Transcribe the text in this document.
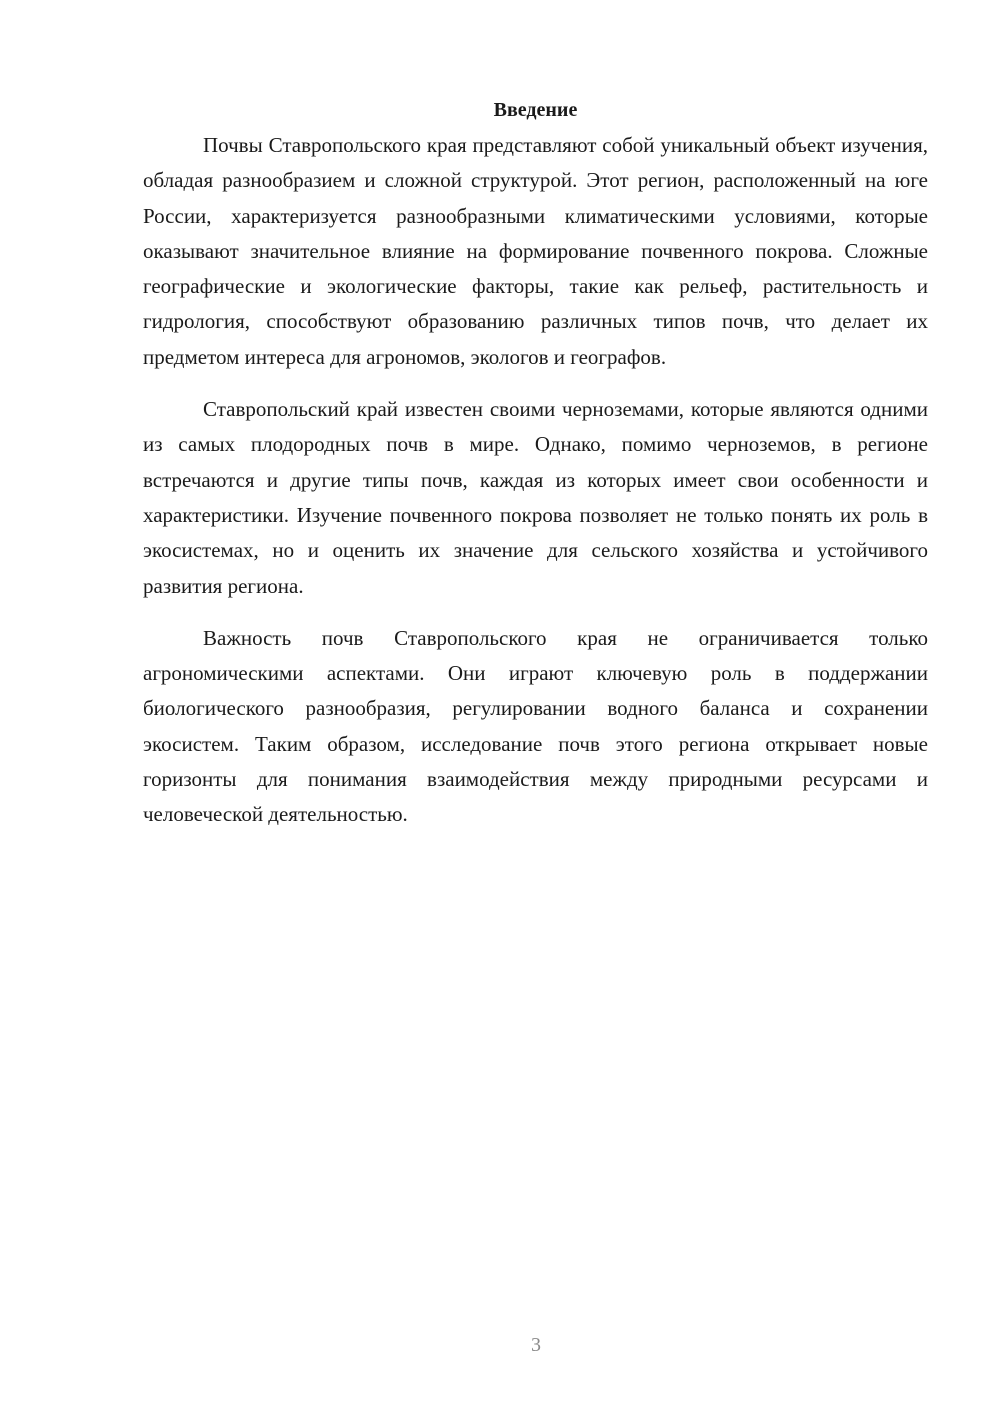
Введение

Почвы Ставропольского края представляют собой уникальный объект изучения, обладая разнообразием и сложной структурой. Этот регион, расположенный на юге России, характеризуется разнообразными климатическими условиями, которые оказывают значительное влияние на формирование почвенного покрова. Сложные географические и экологические факторы, такие как рельеф, растительность и гидрология, способствуют образованию различных типов почв, что делает их предметом интереса для агрономов, экологов и географов.

Ставропольский край известен своими черноземами, которые являются одними из самых плодородных почв в мире. Однако, помимо черноземов, в регионе встречаются и другие типы почв, каждая из которых имеет свои особенности и характеристики. Изучение почвенного покрова позволяет не только понять их роль в экосистемах, но и оценить их значение для сельского хозяйства и устойчивого развития региона.

Важность почв Ставропольского края не ограничивается только агрономическими аспектами. Они играют ключевую роль в поддержании биологического разнообразия, регулировании водного баланса и сохранении экосистем. Таким образом, исследование почв этого региона открывает новые горизонты для понимания взаимодействия между природными ресурсами и человеческой деятельностью.

3
